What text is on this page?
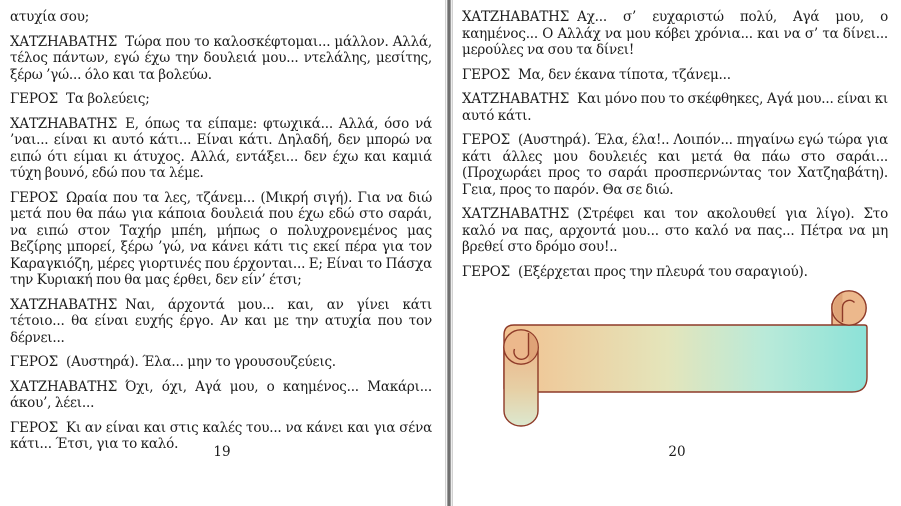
ατυχία σου;

ΧΑΤΖΗΑΒΑΤΗΣ Τώρα που το καλοσκέφτομαι... μάλλον. Αλλά, τέλος πάντων, εγώ έχω την δουλειά μου... ντελάλης, μεσίτης, ξέρω ’γώ... όλο και τα βολεύω.

ΓΕΡΟΣ Τα βολεύεις;

ΧΑΤΖΗΑΒΑΤΗΣ Ε, όπως τα είπαμε: φτωχικά... Αλλά, όσο νά ’ναι... είναι κι αυτό κάτι... Είναι κάτι. Δηλαδή, δεν μπορώ να ειπώ ότι είμαι κι άτυχος. Αλλά, εντάξει... δεν έχω και καμιά τύχη βουνό, εδώ που τα λέμε.

ΓΕΡΟΣ Ωραία που τα λες, τζάνεμ... (Μικρή σιγή). Για να διώ μετά που θα πάω για κάποια δουλειά που έχω εδώ στο σαράι, να ειπώ στον Ταχήρ μπέη, μήπως ο πολυχρονεμένος μας Βεζίρης μπορεί, ξέρω ’γώ, να κάνει κάτι τις εκεί πέρα για τον Καραγκιόζη, μέρες γιορτινές που έρχονται... Ε; Είναι το Πάσχα την Κυριακή που θα μας έρθει, δεν είν’ έτσι;

ΧΑΤΖΗΑΒΑΤΗΣ Ναι, άρχοντά μου... και, αν γίνει κάτι τέτοιο... θα είναι ευχής έργο. Αν και με την ατυχία που τον δέρνει...

ΓΕΡΟΣ (Αυστηρά). Έλα... μην το γρουσουζεύεις.

ΧΑΤΖΗΑΒΑΤΗΣ Όχι, όχι, Αγά μου, ο καημένος... Μακάρι... άκου’, λέει...

ΓΕΡΟΣ Κι αν είναι και στις καλές του... να κάνει και για σένα κάτι... Έτσι, για το καλό.	19

ΧΑΤΖΗΑΒΑΤΗΣ Αχ... σ’ ευχαριστώ πολύ, Αγά μου, ο καημένος... Ο Αλλάχ να μου κόβει χρόνια... και να σ’ τα δίνει... μερούλες να σου τα δίνει!

ΓΕΡΟΣ Μα, δεν έκανα τίποτα, τζάνεμ...

ΧΑΤΖΗΑΒΑΤΗΣ Και μόνο που το σκέφθηκες, Αγά μου... είναι κι αυτό κάτι.

ΓΕΡΟΣ (Αυστηρά). Έλα, έλα!.. Λοιπόν... πηγαίνω εγώ τώρα για κάτι άλλες μου δουλειές και μετά θα πάω στο σαράι... (Προχωράει προς το σαράι προσπερνώντας τον Χατζηαβάτη). Γεια, προς το παρόν. Θα σε διώ.

ΧΑΤΖΗΑΒΑΤΗΣ (Στρέφει και τον ακολουθεί για λίγο). Στο καλό να πας, αρχοντά μου... στο καλό να πας... Πέτρα να μη βρεθεί στο δρόμο σου!..

ΓΕΡΟΣ (Εξέρχεται προς την πλευρά του σαραγιού).

20
